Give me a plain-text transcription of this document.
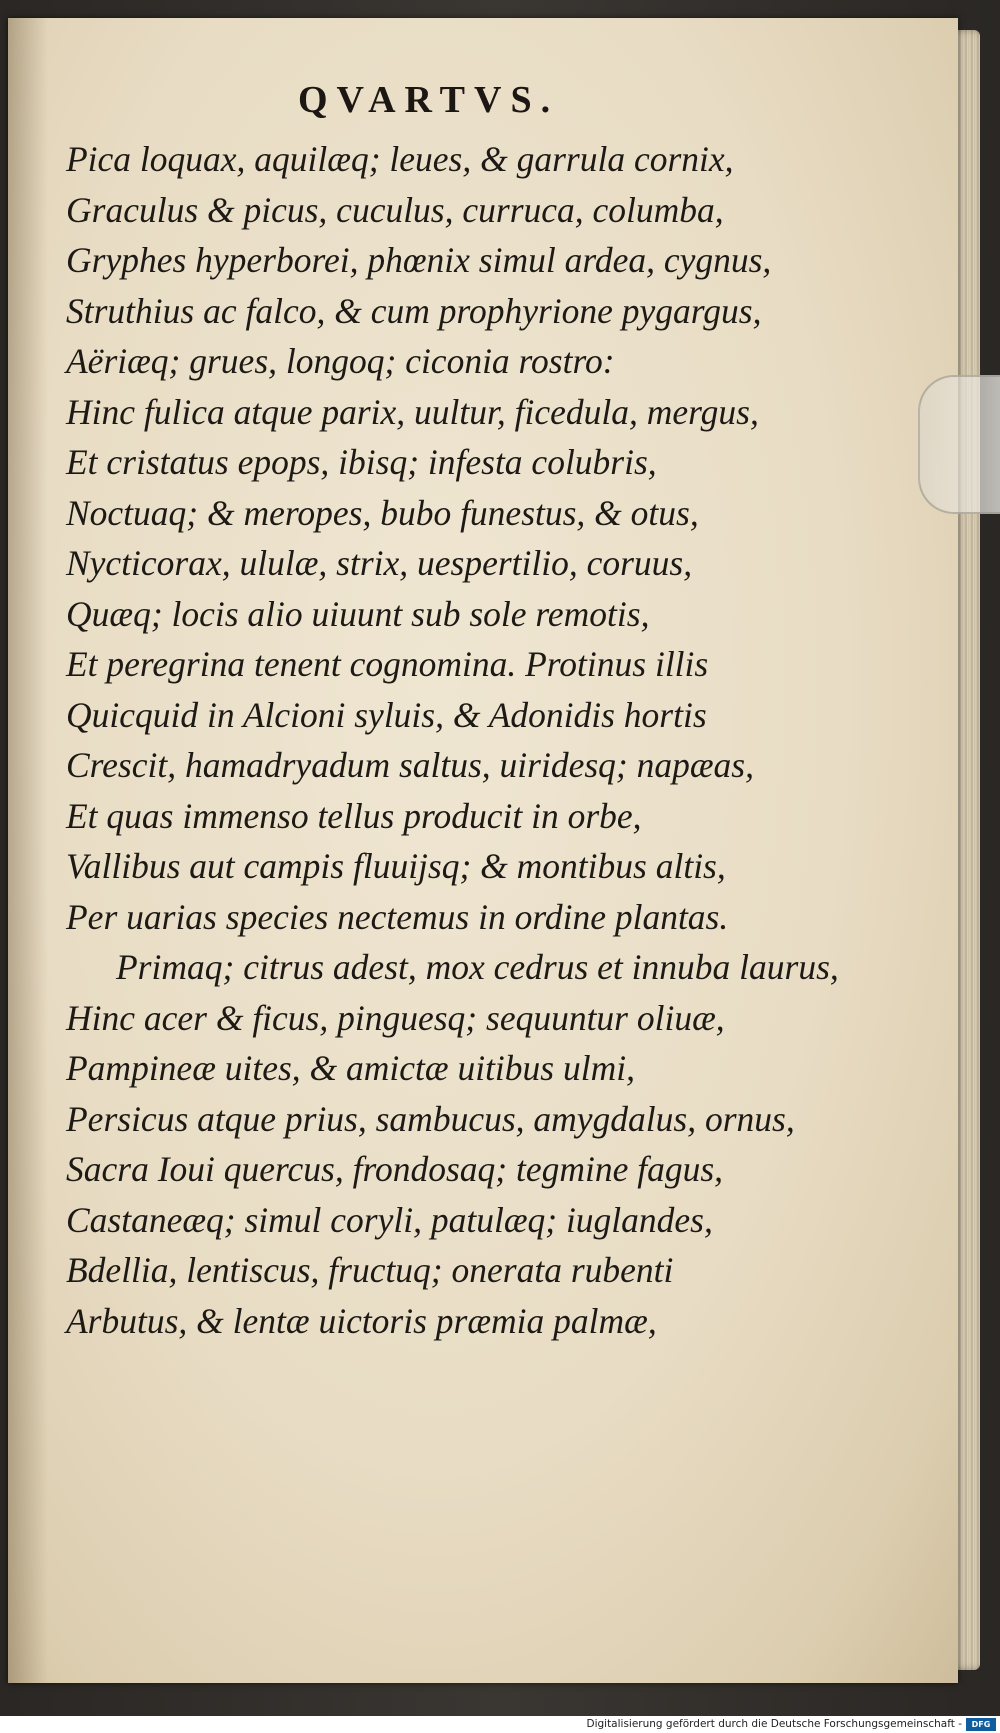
QVARTVS.
Pica loquax, aquilæq; leues, & garrula cornix,
Graculus & picus, cuculus, curruca, columba,
Gryphes hyperborei, phœnix simul ardea, cygnus,
Struthius ac falco, & cum prophyrione pygargus,
Aëriæq; grues, longoq; ciconia rostro:
Hinc fulica atque parix, uultur, ficedula, mergus,
Et cristatus epops, ibisq; infesta colubris,
Noctuaq; & meropes, bubo funestus, & otus,
Nycticorax, ululæ, strix, uespertilio, coruus,
Quæq; locis alio uiuunt sub sole remotis,
Et peregrina tenent cognomina. Protinus illis
Quicquid in Alcioni syluis, & Adonidis hortis
Crescit, hamadryadum saltus, uiridesq; napæas,
Et quas immenso tellus producit in orbe,
Vallibus aut campis fluuijsq; & montibus altis,
Per uarias species nectemus in ordine plantas.
Primaq; citrus adest, mox cedrus et innuba laurus,
Hinc acer & ficus, pinguesq; sequuntur oliuæ,
Pampineæ uites, & amictæ uitibus ulmi,
Persicus atque prius, sambucus, amygdalus, ornus,
Sacra Ioui quercus, frondosaq; tegmine fagus,
Castaneæq; simul coryli, patulæq; iuglandes,
Bdellia, lentiscus, fructuq; onerata rubenti
Arbutus, & lentæ uictoris præmia palmæ,
Digitalisierung gefördert durch die Deutsche Forschungsgemeinschaft -	DFG
